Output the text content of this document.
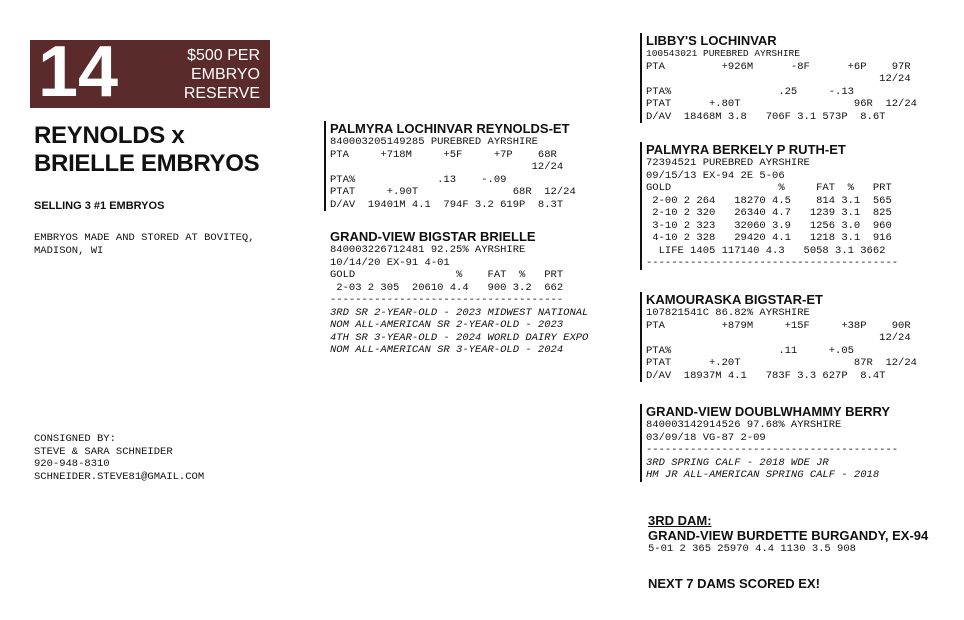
14	$500 PER
EMBRYO
RESERVE
REYNOLDS x
BRIELLE EMBRYOS
SELLING 3 #1 EMBRYOS
EMBRYOS MADE AND STORED AT BOVITEQ,
MADISON, WI
CONSIGNED BY:
STEVE & SARA SCHNEIDER
920-948-8310
SCHNEIDER.STEVE81@GMAIL.COM
PALMYRA LOCHINVAR REYNOLDS-ET
840003205149285 PUREBRED AYRSHIRE
PTA     +718M     +5F     +7P    68R
12/24
PTA%             .13    -.09
PTAT     +.90T               68R  12/24
D/AV  19401M 4.1  794F 3.2 619P  8.3T
GRAND-VIEW BIGSTAR BRIELLE
840003226712481 92.25% AYRSHIRE
10/14/20 EX-91 4-01
GOLD                %    FAT  %   PRT
2-03 2 305  20610 4.4   900 3.2  662
-------------------------------------
3RD SR 2-YEAR-OLD - 2023 MIDWEST NATIONAL
NOM ALL-AMERICAN SR 2-YEAR-OLD - 2023
4TH SR 3-YEAR-OLD - 2024 WORLD DAIRY EXPO
NOM ALL-AMERICAN SR 3-YEAR-OLD - 2024
LIBBY'S LOCHINVAR
100543021 PUREBRED AYRSHIRE
PTA         +926M      -8F      +6P    97R
12/24
PTA%                 .25     -.13
PTAT      +.80T                  96R  12/24
D/AV  18468M 3.8   706F 3.1 573P  8.6T
PALMYRA BERKELY P RUTH-ET
72394521 PUREBRED AYRSHIRE
09/15/13 EX-94 2E 5-06
GOLD                 %     FAT  %   PRT
2-00 2 264   18270 4.5    814 3.1  565
2-10 2 320   26340 4.7   1239 3.1  825
3-10 2 323   32060 3.9   1256 3.0  960
4-10 2 328   29420 4.1   1218 3.1  916
LIFE 1405 117140 4.3   5058 3.1 3662
----------------------------------------
KAMOURASKA BIGSTAR-ET
107821541C 86.82% AYRSHIRE
PTA         +879M     +15F     +38P    90R
12/24
PTA%                 .11     +.05
PTAT      +.20T                  87R  12/24
D/AV  18937M 4.1   783F 3.3 627P  8.4T
GRAND-VIEW DOUBLWHAMMY BERRY
840003142914526 97.68% AYRSHIRE
03/09/18 VG-87 2-09
----------------------------------------
3RD SPRING CALF - 2018 WDE JR
HM JR ALL-AMERICAN SPRING CALF - 2018
3RD DAM:
GRAND-VIEW BURDETTE BURGANDY, EX-94
5-01 2 365 25970 4.4 1130 3.5 908
NEXT 7 DAMS SCORED EX!
